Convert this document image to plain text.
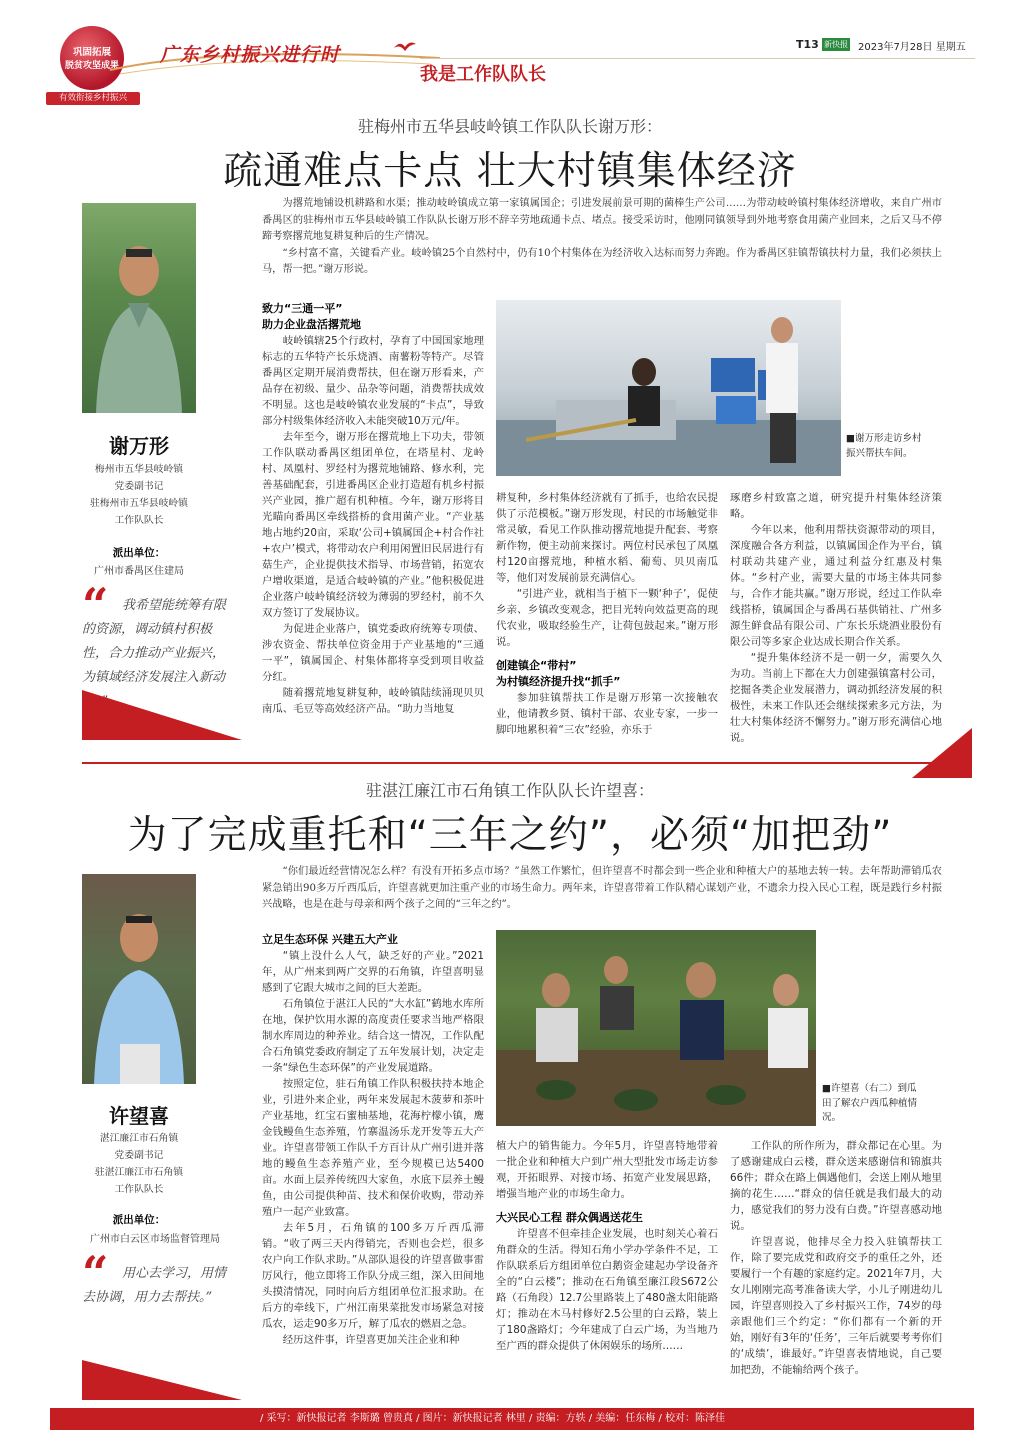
巩固拓展
脱贫攻坚成果
有效衔接乡村振兴
广东乡村振兴进行时
我是工作队队长
T13 新快报 2023年7月28日 星期五
驻梅州市五华县岐岭镇工作队队长谢万形：
疏通难点卡点 壮大村镇集体经济
谢万形
梅州市五华县岐岭镇
党委副书记
驻梅州市五华县岐岭镇
工作队队长
派出单位：
广州市番禺区住建局
“	我希望能统筹有限的资源，调动镇村积极性，合力推动产业振兴，为镇域经济发展注入新动

为撂荒地铺设机耕路和水渠；推动岐岭镇成立第一家镇属国企；引进发展前景可期的菌棒生产公司……为带动岐岭镇村集体经济增收，来自广州市番禺区的驻梅州市五华县岐岭镇工作队队长谢万形不辞辛劳地疏通卡点、堵点。接受采访时，他刚同镇领导到外地考察食用菌产业回来，之后又马不停蹄考察撂荒地复耕复种后的生产情况。

“乡村富不富，关键看产业。岐岭镇25个自然村中，仍有10个村集体在为经济收入达标而努力奔跑。作为番禺区驻镇帮镇扶村力量，我们必须扶上马，帮一把。”谢万形说。

致力“三通一平”
助力企业盘活撂荒地

岐岭镇辖25个行政村，孕育了中国国家地理标志的五华特产长乐烧酒、南薯粉等特产。尽管番禺区定期开展消费帮扶，但在谢万形看来，产品存在初级、量少、品杂等问题，消费帮扶成效不明显。这也是岐岭镇农业发展的“卡点”，导致部分村级集体经济收入未能突破10万元/年。

去年至今，谢万形在撂荒地上下功夫，带领工作队联动番禺区组团单位，在塔星村、龙岭村、凤凰村、罗经村为撂荒地铺路、修水利，完善基础配套，引进番禺区企业打造超有机乡村振兴产业园，推广超有机种植。今年，谢万形将目光瞄向番禺区牵线搭桥的食用菌产业。“产业基地占地约20亩，采取‘公司+镇属国企+村合作社+农户’模式，将带动农户利用闲置旧民居进行有菇生产，企业提供技术指导、市场营销，拓宽农户增收渠道，是适合岐岭镇的产业。”他积极促进企业落户岐岭镇经济较为薄弱的罗经村，前不久双方签订了发展协议。

为促进企业落户，镇党委政府统筹专项债、涉农资金、帮扶单位资金用于产业基地的“三通一平”，镇属国企、村集体都将享受到项目收益分红。

随着撂荒地复耕复种，岐岭镇陆续涌现贝贝南瓜、毛豆等高效经济产品。“助力当地复

■谢万形走访乡村振兴帮扶车间。

耕复种，乡村集体经济就有了抓手，也给农民提供了示范模板。”谢万形发现，村民的市场触觉非常灵敏，看见工作队推动撂荒地提升配套、考察新作物，便主动前来探讨。两位村民承包了凤凰村120亩撂荒地，种植水稻、葡萄、贝贝南瓜等，他们对发展前景充满信心。

“引进产业，就相当于植下一颗‘种子’，促使乡亲、乡镇改变观念，把目光转向效益更高的现代农业，吸取经验生产，让荷包鼓起来。”谢万形说。

创建镇企“带村”
为村镇经济提升找“抓手”

参加驻镇帮扶工作是谢万形第一次接触农业，他请教乡贤、镇村干部、农业专家，一步一脚印地累积着“三农”经验，亦乐于

琢磨乡村致富之道，研究提升村集体经济策略。

今年以来，他利用帮扶资源带动的项目，深度融合各方利益，以镇属国企作为平台，镇村联动共建产业，通过利益分红惠及村集体。“乡村产业，需要大量的市场主体共同参与，合作才能共赢。”谢万形说，经过工作队牵线搭桥，镇属国企与番禺石基供销社、广州多源生鲜食品有限公司、广东长乐烧酒业股份有限公司等多家企业达成长期合作关系。

“提升集体经济不是一朝一夕，需要久久为功。当前上下都在大力创建强镇富村公司，挖掘各类企业发展潜力，调动抓经济发展的积极性，未来工作队还会继续探索多元方法，为壮大村集体经济不懈努力。”谢万形充满信心地说。

驻湛江廉江市石角镇工作队队长许望喜：
为了完成重托和“三年之约”，必须“加把劲”
许望喜
湛江廉江市石角镇
党委副书记
驻湛江廉江市石角镇
工作队队长
派出单位：
广州市白云区市场监督管理局
“	用心去学习，用情去协调，用力去帮扶。”

“你们最近经营情况怎么样？有没有开拓多点市场？”虽然工作繁忙，但许望喜不时都会到一些企业和种植大户的基地去转一转。去年帮助滞销瓜农紧急销出90多万斤西瓜后，许望喜就更加注重产业的市场生命力。两年来，许望喜带着工作队精心谋划产业，不遗余力投入民心工程，既是践行乡村振兴战略，也是在赴与母亲和两个孩子之间的“三年之约”。

立足生态环保 兴建五大产业

“镇上没什么人气，缺乏好的产业。”2021年，从广州来到两广交界的石角镇，许望喜明显感到了它跟大城市之间的巨大差距。

石角镇位于湛江人民的“大水缸”鹤地水库所在地，保护饮用水源的高度责任要求当地严格限制水库周边的种养业。结合这一情况，工作队配合石角镇党委政府制定了五年发展计划，决定走一条“绿色生态环保”的产业发展道路。

按照定位，驻石角镇工作队积极扶持本地企业，引进外来企业，两年来发展起木菠萝和茶叶产业基地，红宝石蜜柚基地，花海柠檬小镇，鹰金钱鳗鱼生态养殖，竹寨温汤乐龙开发等五大产业。许望喜带领工作队千方百计从广州引进并落地的鳗鱼生态养殖产业，至今规模已达5400亩。水面上层养传统四大家鱼，水底下层养土鳗鱼，由公司提供种苗、技术和保价收购，带动养殖户一起产业致富。

去年5月，石角镇的100多万斤西瓜滞销。“收了两三天内得销完，否则也会烂，很多农户向工作队求助。”从部队退役的许望喜做事雷厉风行，他立即将工作队分成三组，深入田间地头摸清情况，同时向后方组团单位汇报求助。在后方的牵线下，广州江南果菜批发市场紧急对接瓜农，运走90多万斤，解了瓜农的燃眉之急。

经历这件事，许望喜更加关注企业和种

■许望喜（右二）到瓜田了解农户西瓜种植情况。

植大户的销售能力。今年5月，许望喜特地带着一批企业和种植大户到广州大型批发市场走访参观，开拓眼界、对接市场、拓宽产业发展思路，增强当地产业的市场生命力。

大兴民心工程 群众偶遇送花生

许望喜不但牵挂企业发展，也时刻关心着石角群众的生活。得知石角小学办学条件不足，工作队联系后方组团单位白鹅资金建起办学设备齐全的“白云楼”；推动在石角镇至廉江段S672公路（石角段）12.7公里路装上了480盏太阳能路灯；推动在木马村修好2.5公里的白云路，装上了180盏路灯；今年建成了白云广场，为当地乃至广西的群众提供了休闲娱乐的场所……

工作队的所作所为，群众都记在心里。为了感谢建成白云楼，群众送来感谢信和锦旗共66件；群众在路上偶遇他们，会送上刚从地里摘的花生……“群众的信任就是我们最大的动力，感觉我们的努力没有白费。”许望喜感动地说。

许望喜说，他排尽全力投入驻镇帮扶工作，除了要完成党和政府交予的重任之外，还要履行一个有趣的家庭约定。2021年7月，大女儿刚刚完高考准备读大学，小儿子刚进幼儿园，许望喜则投入了乡村振兴工作，74岁的母亲跟他们三个约定：“你们都有一个新的开始，刚好有3年的‘任务’，三年后就要考考你们的‘成绩’，谁最好。”许望喜表情地说，自己要加把劲，不能输给两个孩子。

/ 采写：新快报记者 李斯璐 曾贵真 / 图片：新快报记者 林里 / 责编：方轶 / 美编：任东梅 / 校对：陈泽佳
